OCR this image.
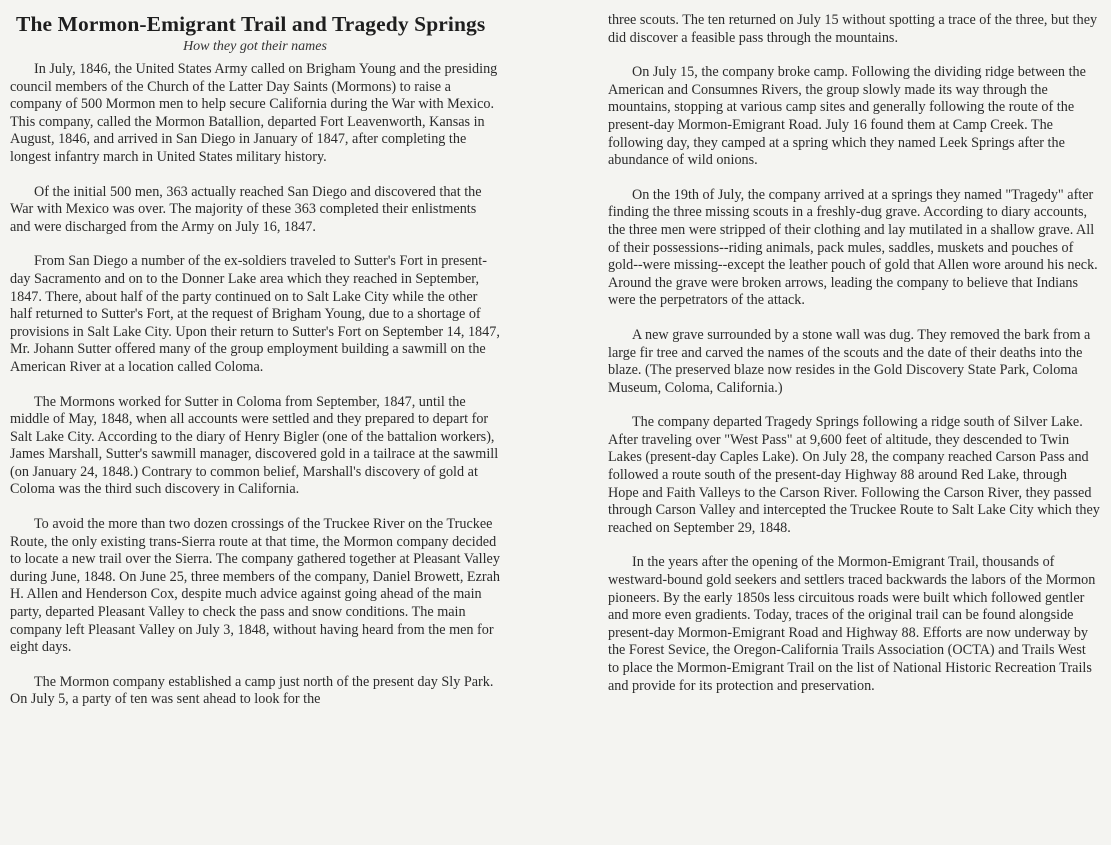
The Mormon-Emigrant Trail and Tragedy Springs
How they got their names

In July, 1846, the United States Army called on Brigham Young and the presiding council members of the Church of the Latter Day Saints (Mormons) to raise a company of 500 Mormon men to help secure California during the War with Mexico. This company, called the Mormon Batallion, departed Fort Leavenworth, Kansas in August, 1846, and arrived in San Diego in January of 1847, after completing the longest infantry march in United States military history.

Of the initial 500 men, 363 actually reached San Diego and discovered that the War with Mexico was over. The majority of these 363 completed their enlistments and were discharged from the Army on July 16, 1847.

From San Diego a number of the ex-soldiers traveled to Sutter's Fort in present-day Sacramento and on to the Donner Lake area which they reached in September, 1847. There, about half of the party continued on to Salt Lake City while the other half returned to Sutter's Fort, at the request of Brigham Young, due to a shortage of provisions in Salt Lake City. Upon their return to Sutter's Fort on September 14, 1847, Mr. Johann Sutter offered many of the group employment building a sawmill on the American River at a location called Coloma.

The Mormons worked for Sutter in Coloma from September, 1847, until the middle of May, 1848, when all accounts were settled and they prepared to depart for Salt Lake City. According to the diary of Henry Bigler (one of the battalion workers), James Marshall, Sutter's sawmill manager, discovered gold in a tailrace at the sawmill (on January 24, 1848.) Contrary to common belief, Marshall's discovery of gold at Coloma was the third such discovery in California.

To avoid the more than two dozen crossings of the Truckee River on the Truckee Route, the only existing trans-Sierra route at that time, the Mormon company decided to locate a new trail over the Sierra. The company gathered together at Pleasant Valley during June, 1848. On June 25, three members of the company, Daniel Browett, Ezrah H. Allen and Henderson Cox, despite much advice against going ahead of the main party, departed Pleasant Valley to check the pass and snow conditions. The main company left Pleasant Valley on July 3, 1848, without having heard from the men for eight days.

The Mormon company established a camp just north of the present day Sly Park. On July 5, a party of ten was sent ahead to look for the

three scouts. The ten returned on July 15 without spotting a trace of the three, but they did discover a feasible pass through the mountains.

On July 15, the company broke camp. Following the dividing ridge between the American and Consumnes Rivers, the group slowly made its way through the mountains, stopping at various camp sites and generally following the route of the present-day Mormon-Emigrant Road. July 16 found them at Camp Creek. The following day, they camped at a spring which they named Leek Springs after the abundance of wild onions.

On the 19th of July, the company arrived at a springs they named "Tragedy" after finding the three missing scouts in a freshly-dug grave. According to diary accounts, the three men were stripped of their clothing and lay mutilated in a shallow grave. All of their possessions--riding animals, pack mules, saddles, muskets and pouches of gold--were missing--except the leather pouch of gold that Allen wore around his neck. Around the grave were broken arrows, leading the company to believe that Indians were the perpetrators of the attack.

A new grave surrounded by a stone wall was dug. They removed the bark from a large fir tree and carved the names of the scouts and the date of their deaths into the blaze. (The preserved blaze now resides in the Gold Discovery State Park, Coloma Museum, Coloma, California.)

The company departed Tragedy Springs following a ridge south of Silver Lake. After traveling over "West Pass" at 9,600 feet of altitude, they descended to Twin Lakes (present-day Caples Lake). On July 28, the company reached Carson Pass and followed a route south of the present-day Highway 88 around Red Lake, through Hope and Faith Valleys to the Carson River. Following the Carson River, they passed through Carson Valley and intercepted the Truckee Route to Salt Lake City which they reached on September 29, 1848.

In the years after the opening of the Mormon-Emigrant Trail, thousands of westward-bound gold seekers and settlers traced backwards the labors of the Mormon pioneers. By the early 1850s less circuitous roads were built which followed gentler and more even gradients. Today, traces of the original trail can be found alongside present-day Mormon-Emigrant Road and Highway 88. Efforts are now underway by the Forest Sevice, the Oregon-California Trails Association (OCTA) and Trails West to place the Mormon-Emigrant Trail on the list of National Historic Recreation Trails and provide for its protection and preservation.
